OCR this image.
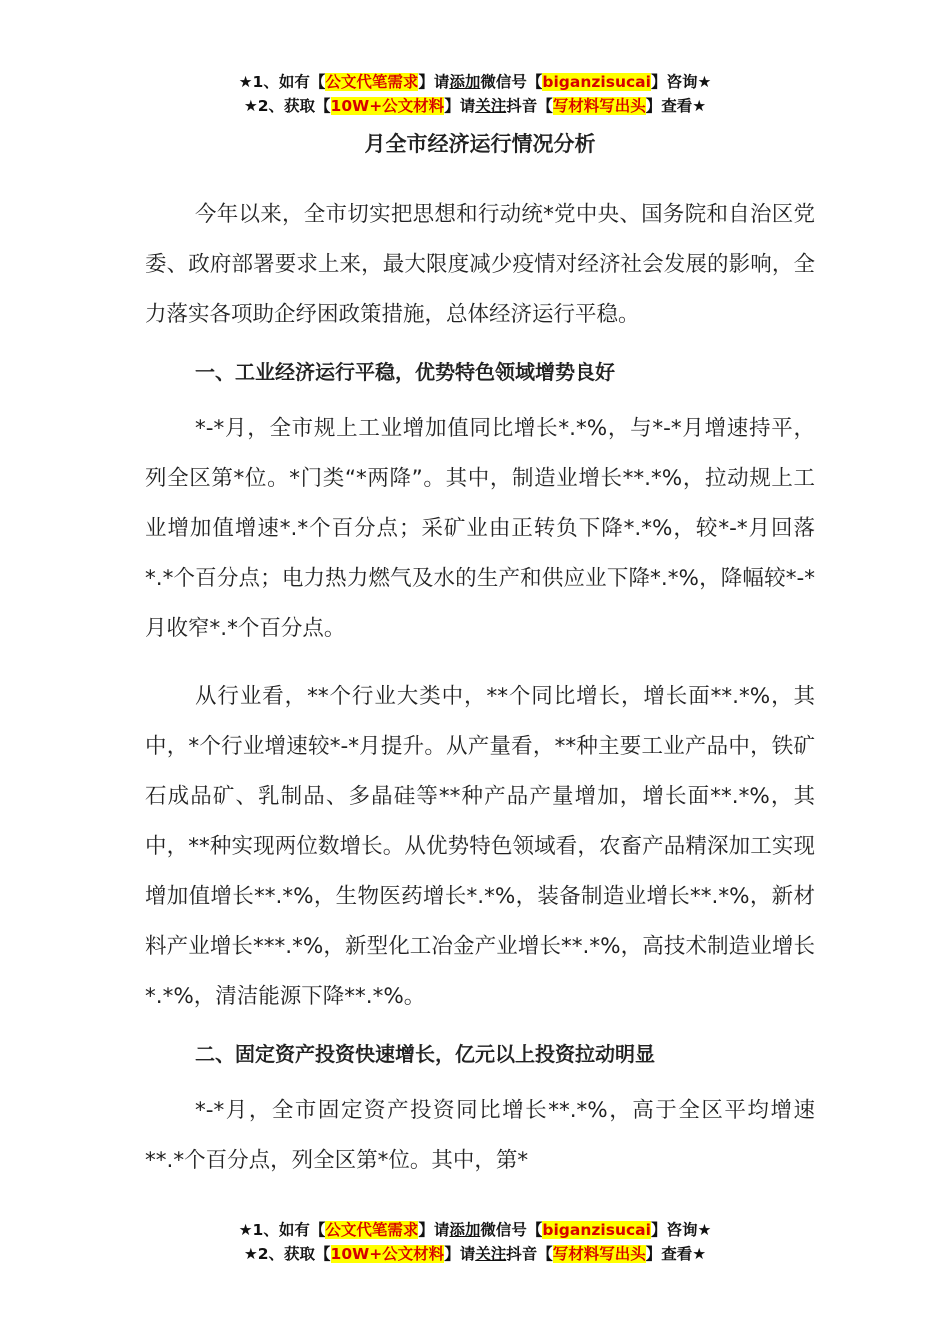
★1、如有【公文代笔需求】请添加微信号【biganzisucai】咨询★
★2、获取【10W+公文材料】请关注抖音【写材料写出头】查看★
月全市经济运行情况分析

今年以来，全市切实把思想和行动统*党中央、国务院和自治区党委、政府部署要求上来，最大限度减少疫情对经济社会发展的影响，全力落实各项助企纾困政策措施，总体经济运行平稳。

一、工业经济运行平稳，优势特色领域增势良好

*-*月，全市规上工业增加值同比增长*.*%，与*-*月增速持平，列全区第*位。*门类“*两降”。其中，制造业增长**.*%，拉动规上工业增加值增速*.*个百分点；采矿业由正转负下降*.*%，较*-*月回落*.*个百分点；电力热力燃气及水的生产和供应业下降*.*%，降幅较*-*月收窄*.*个百分点。

从行业看，**个行业大类中，**个同比增长，增长面**.*%，其中，*个行业增速较*-*月提升。从产量看，**种主要工业产品中，铁矿石成品矿、乳制品、多晶硅等**种产品产量增加，增长面**.*%，其中，**种实现两位数增长。从优势特色领域看，农畜产品精深加工实现增加值增长**.*%，生物医药增长*.*%，装备制造业增长**.*%，新材料产业增长***.*%，新型化工冶金产业增长**.*%，高技术制造业增长*.*%，清洁能源下降**.*%。

二、固定资产投资快速增长，亿元以上投资拉动明显

*-*月，全市固定资产投资同比增长**.*%，高于全区平均增速**.*个百分点，列全区第*位。其中，第*

★1、如有【公文代笔需求】请添加微信号【biganzisucai】咨询★
★2、获取【10W+公文材料】请关注抖音【写材料写出头】查看★
